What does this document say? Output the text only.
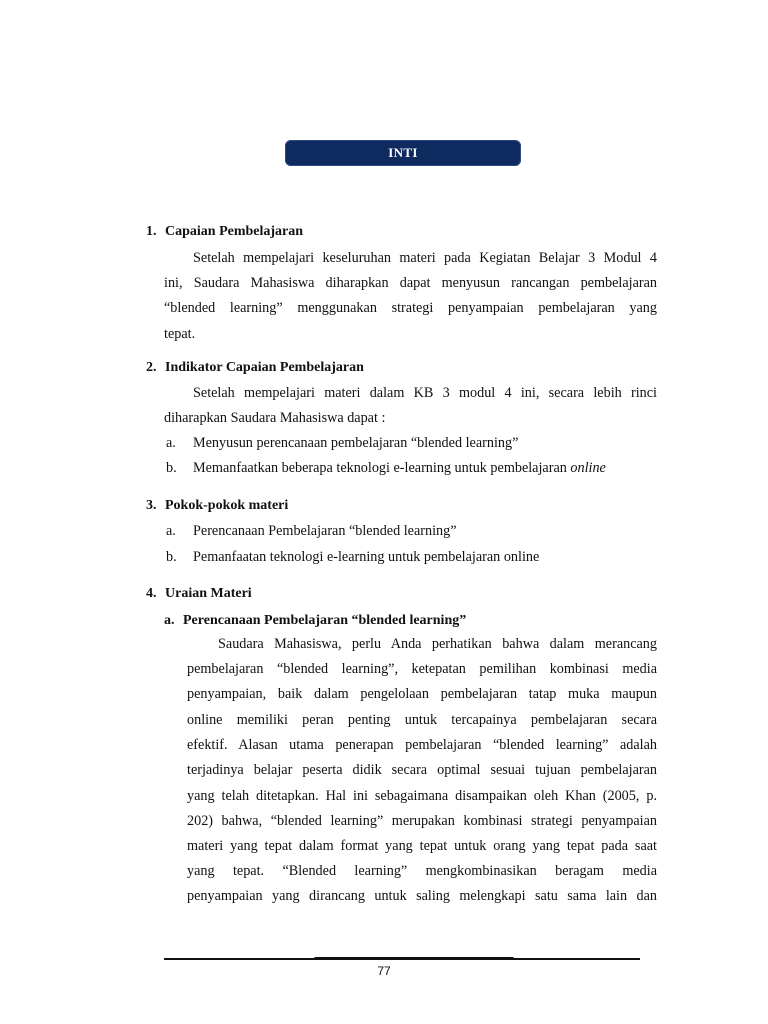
INTI
1. Capaian Pembelajaran
Setelah mempelajari keseluruhan materi pada Kegiatan Belajar 3 Modul 4
ini, Saudara Mahasiswa diharapkan dapat menyusun rancangan pembelajaran
“blended learning” menggunakan strategi penyampaian pembelajaran yang
tepat.
2. Indikator Capaian Pembelajaran
Setelah mempelajari materi dalam KB 3 modul 4 ini, secara lebih rinci
diharapkan Saudara Mahasiswa dapat :
a. Menyusun perencanaan pembelajaran “blended learning”
b. Memanfaatkan beberapa teknologi e-learning untuk pembelajaran online
3. Pokok-pokok materi
a. Perencanaan Pembelajaran “blended learning”
b. Pemanfaatan teknologi e-learning untuk pembelajaran online
4. Uraian Materi
a. Perencanaan Pembelajaran “blended learning”
Saudara Mahasiswa, perlu Anda perhatikan bahwa dalam merancang
pembelajaran “blended learning”, ketepatan pemilihan kombinasi media
penyampaian, baik dalam pengelolaan pembelajaran tatap muka maupun
online memiliki peran penting untuk tercapainya pembelajaran secara
efektif. Alasan utama penerapan pembelajaran “blended learning” adalah
terjadinya belajar peserta didik secara optimal sesuai tujuan pembelajaran
yang telah ditetapkan. Hal ini sebagaimana disampaikan oleh Khan (2005, p.
202) bahwa, “blended learning” merupakan kombinasi strategi penyampaian
materi yang tepat dalam format yang tepat untuk orang yang tepat pada saat
yang tepat. “Blended learning” mengkombinasikan beragam media
penyampaian yang dirancang untuk saling melengkapi satu sama lain dan
77
